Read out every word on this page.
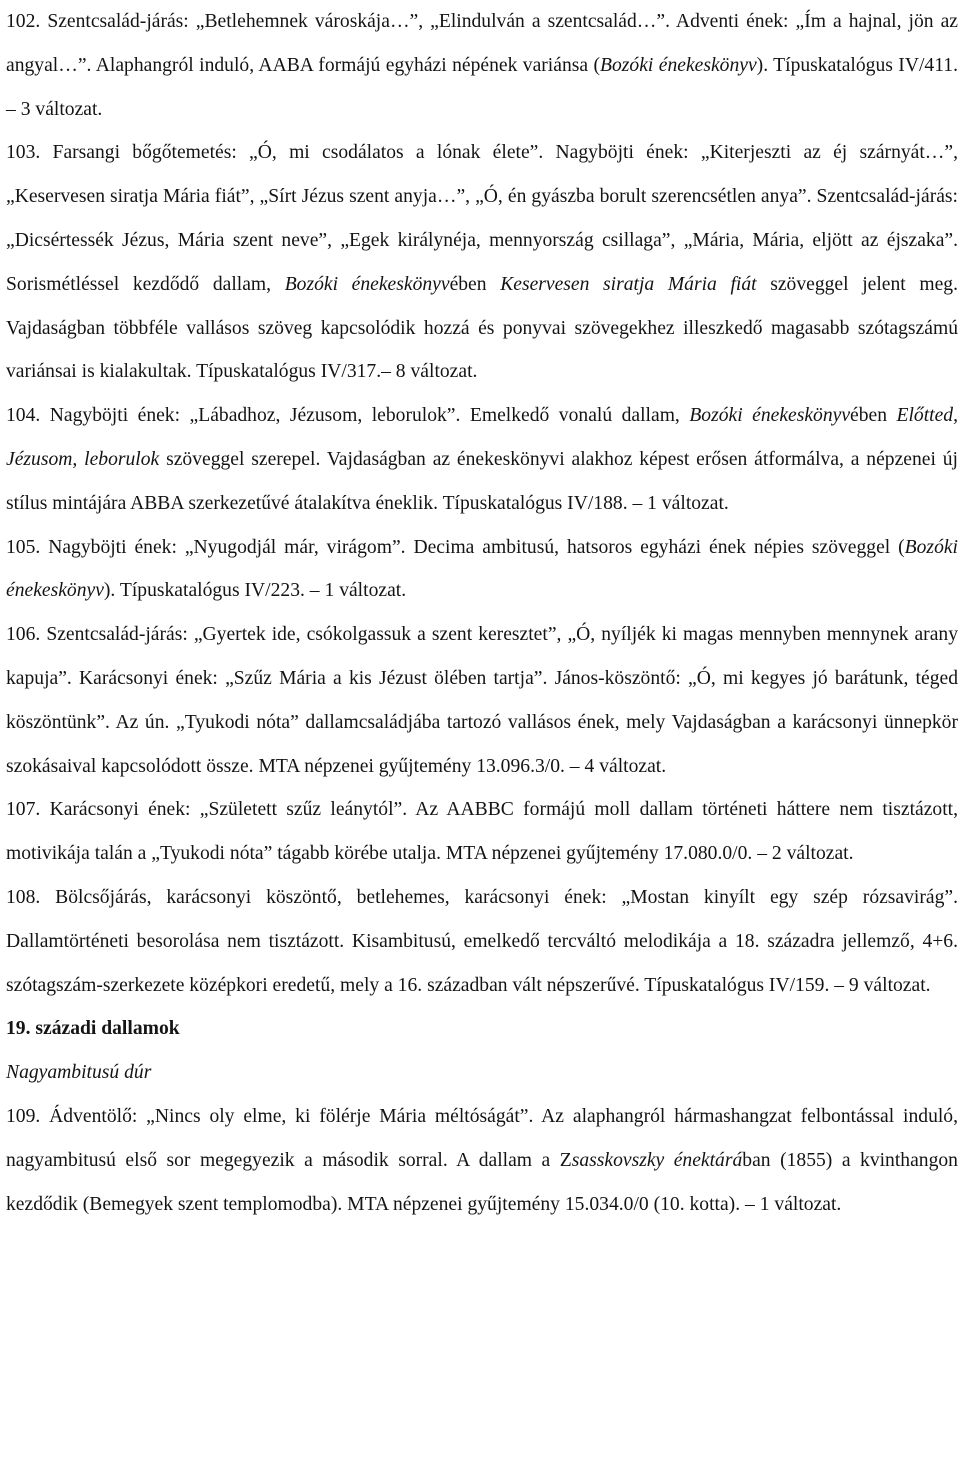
102. Szentcsalád-járás: „Betlehemnek városkája…”, „Elindulván a szentcsalád…”. Adventi ének: „Ím a hajnal, jön az angyal…”. Alaphangról induló, AABA formájú egyházi népének variánsa (Bozóki énekeskönyv). Típuskatalógus IV/411. – 3 változat.

103. Farsangi bőgőtemetés: „Ó, mi csodálatos a lónak élete”. Nagyböjti ének: „Kiterjeszti az éj szárnyát…”, „Keservesen siratja Mária fiát”, „Sírt Jézus szent anyja…”, „Ó, én gyászba borult szerencsétlen anya”. Szentcsalád-járás: „Dicsértessék Jézus, Mária szent neve”, „Egek királynéja, mennyország csillaga”, „Mária, Mária, eljött az éjszaka”. Sorismétléssel kezdődő dallam, Bozóki énekeskönyvében Keservesen siratja Mária fiát szöveggel jelent meg. Vajdaságban többféle vallásos szöveg kapcsolódik hozzá és ponyvai szövegekhez illeszkedő magasabb szótagszámú variánsai is kialakultak. Típuskatalógus IV/317.– 8 változat.

104. Nagyböjti ének: „Lábadhoz, Jézusom, leborulok”. Emelkedő vonalú dallam, Bozóki énekeskönyvében Előtted, Jézusom, leborulok szöveggel szerepel. Vajdaságban az énekeskönyvi alakhoz képest erősen átformálva, a népzenei új stílus mintájára ABBA szerkezetűvé átalakítva éneklik. Típuskatalógus IV/188. – 1 változat.

105. Nagyböjti ének: „Nyugodjál már, virágom”. Decima ambitusú, hatsoros egyházi ének népies szöveggel (Bozóki énekeskönyv). Típuskatalógus IV/223. – 1 változat.

106. Szentcsalád-járás: „Gyertek ide, csókolgassuk a szent keresztet”, „Ó, nyíljék ki magas mennyben mennynek arany kapuja”. Karácsonyi ének: „Szűz Mária a kis Jézust ölében tartja”. János-köszöntő: „Ó, mi kegyes jó barátunk, téged köszöntünk”. Az ún. „Tyukodi nóta” dallamcsaládjába tartozó vallásos ének, mely Vajdaságban a karácsonyi ünnepkör szokásaival kapcsolódott össze. MTA népzenei gyűjtemény 13.096.3/0. – 4 változat.

107. Karácsonyi ének: „Született szűz leánytól”. Az AABBC formájú moll dallam történeti háttere nem tisztázott, motivikája talán a „Tyukodi nóta” tágabb körébe utalja. MTA népzenei gyűjtemény 17.080.0/0. – 2 változat.

108. Bölcsőjárás, karácsonyi köszöntő, betlehemes, karácsonyi ének: „Mostan kinyílt egy szép rózsavirág”. Dallamtörténeti besorolása nem tisztázott. Kisambitusú, emelkedő tercváltó melodikája a 18. századra jellemző, 4+6. szótagszám-szerkezete középkori eredetű, mely a 16. században vált népszerűvé. Típuskatalógus IV/159. – 9 változat.

19. századi dallamok

Nagyambitusú dúr

109. Ádventölő: „Nincs oly elme, ki fölérje Mária méltóságát”. Az alaphangról hármashangzat felbontással induló, nagyambitusú első sor megegyezik a második sorral. A dallam a Zsasskovszky énektárában (1855) a kvinthangon kezdődik (Bemegyek szent templomodba). MTA népzenei gyűjtemény 15.034.0/0 (10. kotta). – 1 változat.
